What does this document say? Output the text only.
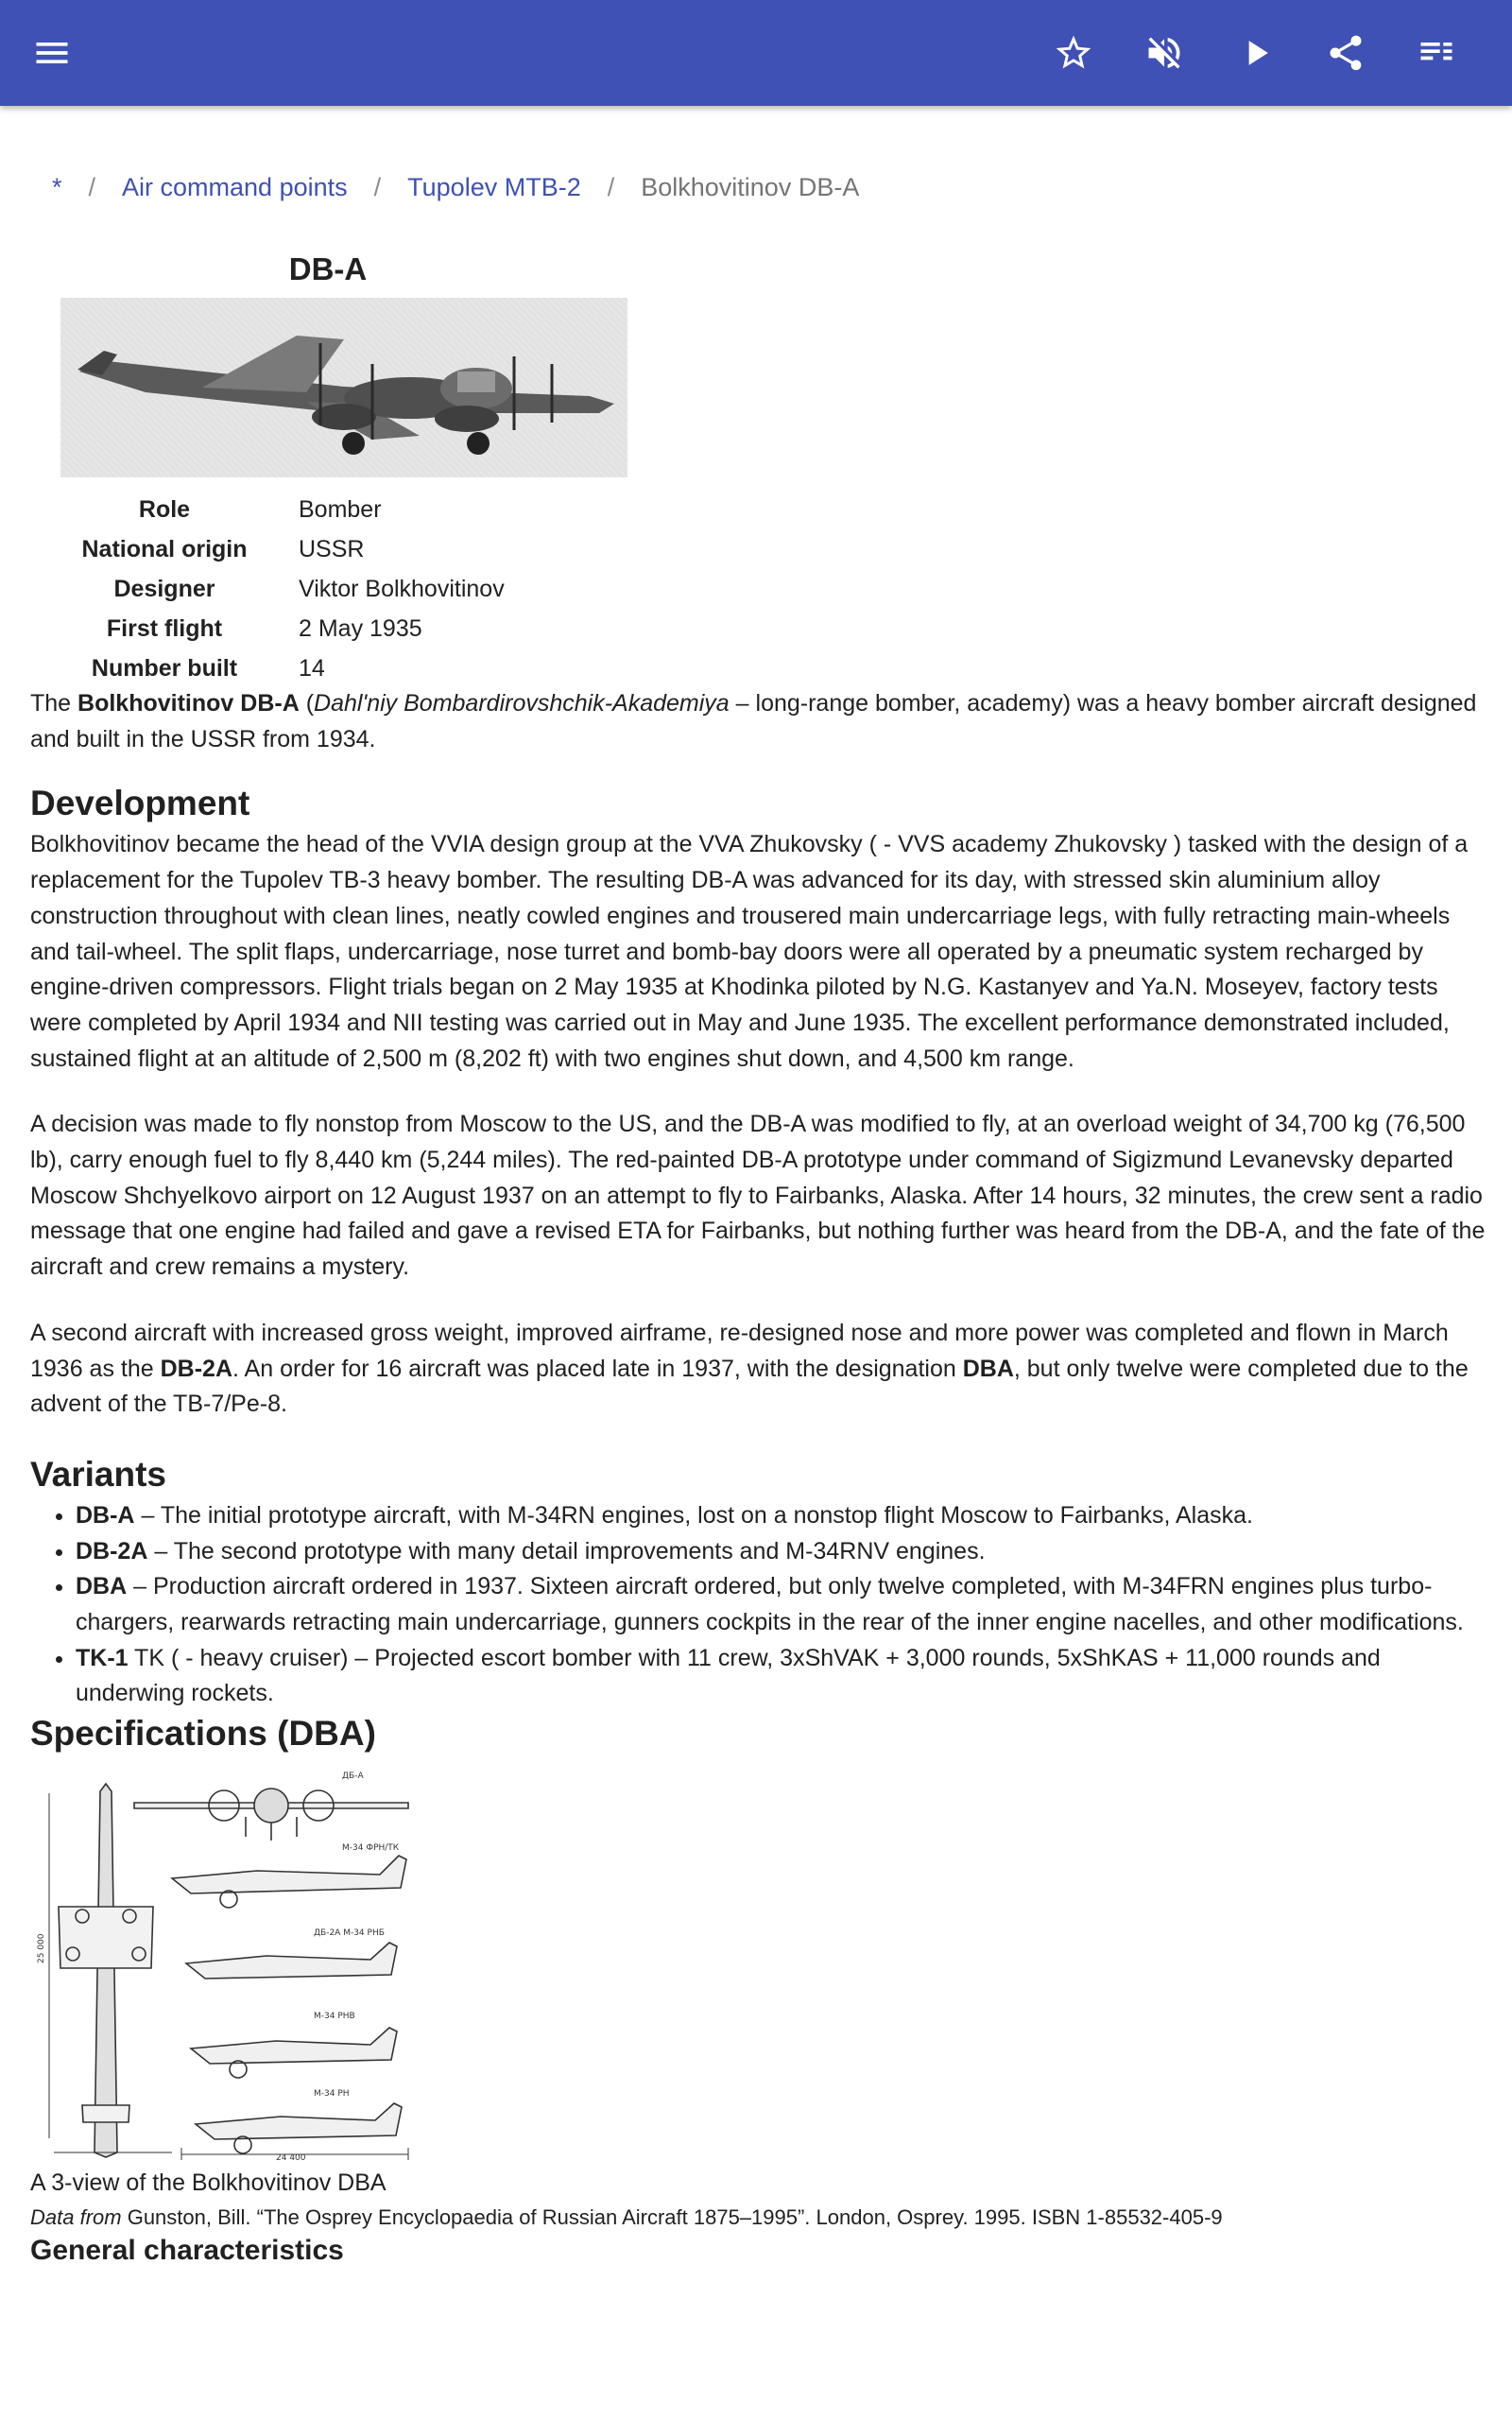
* / Air command points / Tupolev MTB-2 / Bolkhovitinov DB-A
DB-A
Role	Bomber
National origin	USSR
Designer	Viktor Bolkhovitinov
First flight	2 May 1935
Number built	14

The Bolkhovitinov DB-A (Dahl'niy Bombardirovshchik-Akademiya – long-range bomber, academy) was a heavy bomber aircraft designed and built in the USSR from 1934.

Development

Bolkhovitinov became the head of the VVIA design group at the VVA Zhukovsky ( - VVS academy Zhukovsky ) tasked with the design of a replacement for the Tupolev TB-3 heavy bomber. The resulting DB-A was advanced for its day, with stressed skin aluminium alloy construction throughout with clean lines, neatly cowled engines and trousered main undercarriage legs, with fully retracting main-wheels and tail-wheel. The split flaps, undercarriage, nose turret and bomb-bay doors were all operated by a pneumatic system recharged by engine-driven compressors. Flight trials began on 2 May 1935 at Khodinka piloted by N.G. Kastanyev and Ya.N. Moseyev, factory tests were completed by April 1934 and NII testing was carried out in May and June 1935. The excellent performance demonstrated included, sustained flight at an altitude of 2,500 m (8,202 ft) with two engines shut down, and 4,500 km range.

A decision was made to fly nonstop from Moscow to the US, and the DB-A was modified to fly, at an overload weight of 34,700 kg (76,500 lb), carry enough fuel to fly 8,440 km (5,244 miles). The red-painted DB-A prototype under command of Sigizmund Levanevsky departed Moscow Shchyelkovo airport on 12 August 1937 on an attempt to fly to Fairbanks, Alaska. After 14 hours, 32 minutes, the crew sent a radio message that one engine had failed and gave a revised ETA for Fairbanks, but nothing further was heard from the DB-A, and the fate of the aircraft and crew remains a mystery.

A second aircraft with increased gross weight, improved airframe, re-designed nose and more power was completed and flown in March 1936 as the DB-2A. An order for 16 aircraft was placed late in 1937, with the designation DBA, but only twelve were completed due to the advent of the TB-7/Pe-8.

Variants
• DB-A – The initial prototype aircraft, with M-34RN engines, lost on a nonstop flight Moscow to Fairbanks, Alaska.
• DB-2A – The second prototype with many detail improvements and M-34RNV engines.
• DBA – Production aircraft ordered in 1937. Sixteen aircraft ordered, but only twelve completed, with M-34FRN engines plus turbo-chargers, rearwards retracting main undercarriage, gunners cockpits in the rear of the inner engine nacelles, and other modifications.
• TK-1 TK ( - heavy cruiser) – Projected escort bomber with 11 crew, 3xShVAK + 3,000 rounds, 5xShKAS + 11,000 rounds and underwing rockets.
Specifications (DBA)
ДБ-А
М-34 ФРН/ТК
ДБ-2А М-34 РНБ
М-34 РНВ
М-34 РН
24 400
25 000

A 3-view of the Bolkhovitinov DBA

Data from Gunston, Bill. “The Osprey Encyclopaedia of Russian Aircraft 1875–1995”. London, Osprey. 1995. ISBN 1-85532-405-9

General characteristics
